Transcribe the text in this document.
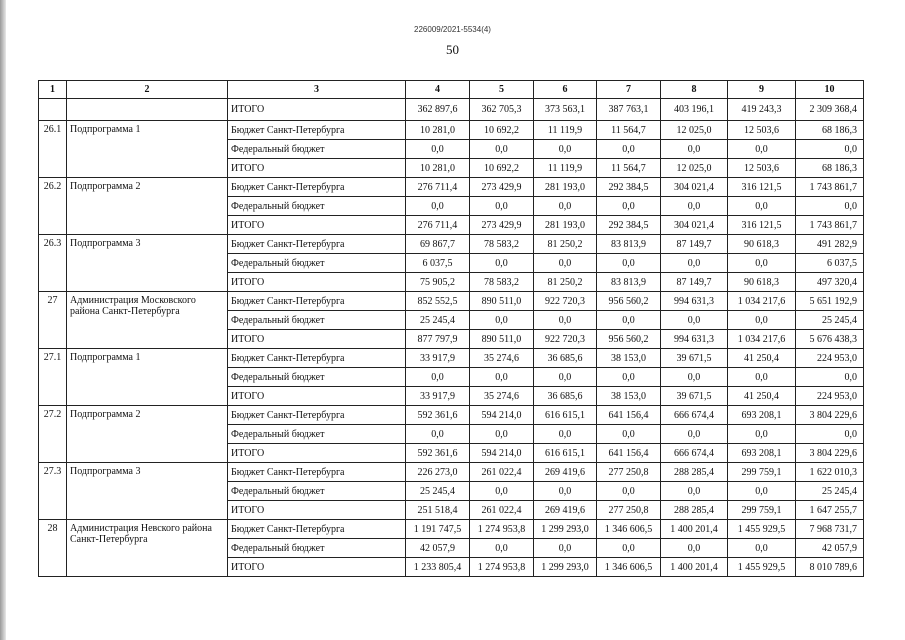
226009/2021-5534(4)
50
1	2	3	4	5	6	7	8	9	10
		ИТОГО	362 897,6	362 705,3	373 563,1	387 763,1	403 196,1	419 243,3	2 309 368,4
26.1	Подпрограмма 1	Бюджет Санкт-Петербурга	10 281,0	10 692,2	11 119,9	11 564,7	12 025,0	12 503,6	68 186,3
		Федеральный бюджет	0,0	0,0	0,0	0,0	0,0	0,0	0,0
		ИТОГО	10 281,0	10 692,2	11 119,9	11 564,7	12 025,0	12 503,6	68 186,3
26.2	Подпрограмма 2	Бюджет Санкт-Петербурга	276 711,4	273 429,9	281 193,0	292 384,5	304 021,4	316 121,5	1 743 861,7
		Федеральный бюджет	0,0	0,0	0,0	0,0	0,0	0,0	0,0
		ИТОГО	276 711,4	273 429,9	281 193,0	292 384,5	304 021,4	316 121,5	1 743 861,7
26.3	Подпрограмма 3	Бюджет Санкт-Петербурга	69 867,7	78 583,2	81 250,2	83 813,9	87 149,7	90 618,3	491 282,9
		Федеральный бюджет	6 037,5	0,0	0,0	0,0	0,0	0,0	6 037,5
		ИТОГО	75 905,2	78 583,2	81 250,2	83 813,9	87 149,7	90 618,3	497 320,4
27	Администрация Московского района Санкт-Петербурга	Бюджет Санкт-Петербурга	852 552,5	890 511,0	922 720,3	956 560,2	994 631,3	1 034 217,6	5 651 192,9
		Федеральный бюджет	25 245,4	0,0	0,0	0,0	0,0	0,0	25 245,4
		ИТОГО	877 797,9	890 511,0	922 720,3	956 560,2	994 631,3	1 034 217,6	5 676 438,3
27.1	Подпрограмма 1	Бюджет Санкт-Петербурга	33 917,9	35 274,6	36 685,6	38 153,0	39 671,5	41 250,4	224 953,0
		Федеральный бюджет	0,0	0,0	0,0	0,0	0,0	0,0	0,0
		ИТОГО	33 917,9	35 274,6	36 685,6	38 153,0	39 671,5	41 250,4	224 953,0
27.2	Подпрограмма 2	Бюджет Санкт-Петербурга	592 361,6	594 214,0	616 615,1	641 156,4	666 674,4	693 208,1	3 804 229,6
		Федеральный бюджет	0,0	0,0	0,0	0,0	0,0	0,0	0,0
		ИТОГО	592 361,6	594 214,0	616 615,1	641 156,4	666 674,4	693 208,1	3 804 229,6
27.3	Подпрограмма 3	Бюджет Санкт-Петербурга	226 273,0	261 022,4	269 419,6	277 250,8	288 285,4	299 759,1	1 622 010,3
		Федеральный бюджет	25 245,4	0,0	0,0	0,0	0,0	0,0	25 245,4
		ИТОГО	251 518,4	261 022,4	269 419,6	277 250,8	288 285,4	299 759,1	1 647 255,7
28	Администрация Невского района Санкт-Петербурга	Бюджет Санкт-Петербурга	1 191 747,5	1 274 953,8	1 299 293,0	1 346 606,5	1 400 201,4	1 455 929,5	7 968 731,7
		Федеральный бюджет	42 057,9	0,0	0,0	0,0	0,0	0,0	42 057,9
		ИТОГО	1 233 805,4	1 274 953,8	1 299 293,0	1 346 606,5	1 400 201,4	1 455 929,5	8 010 789,6
